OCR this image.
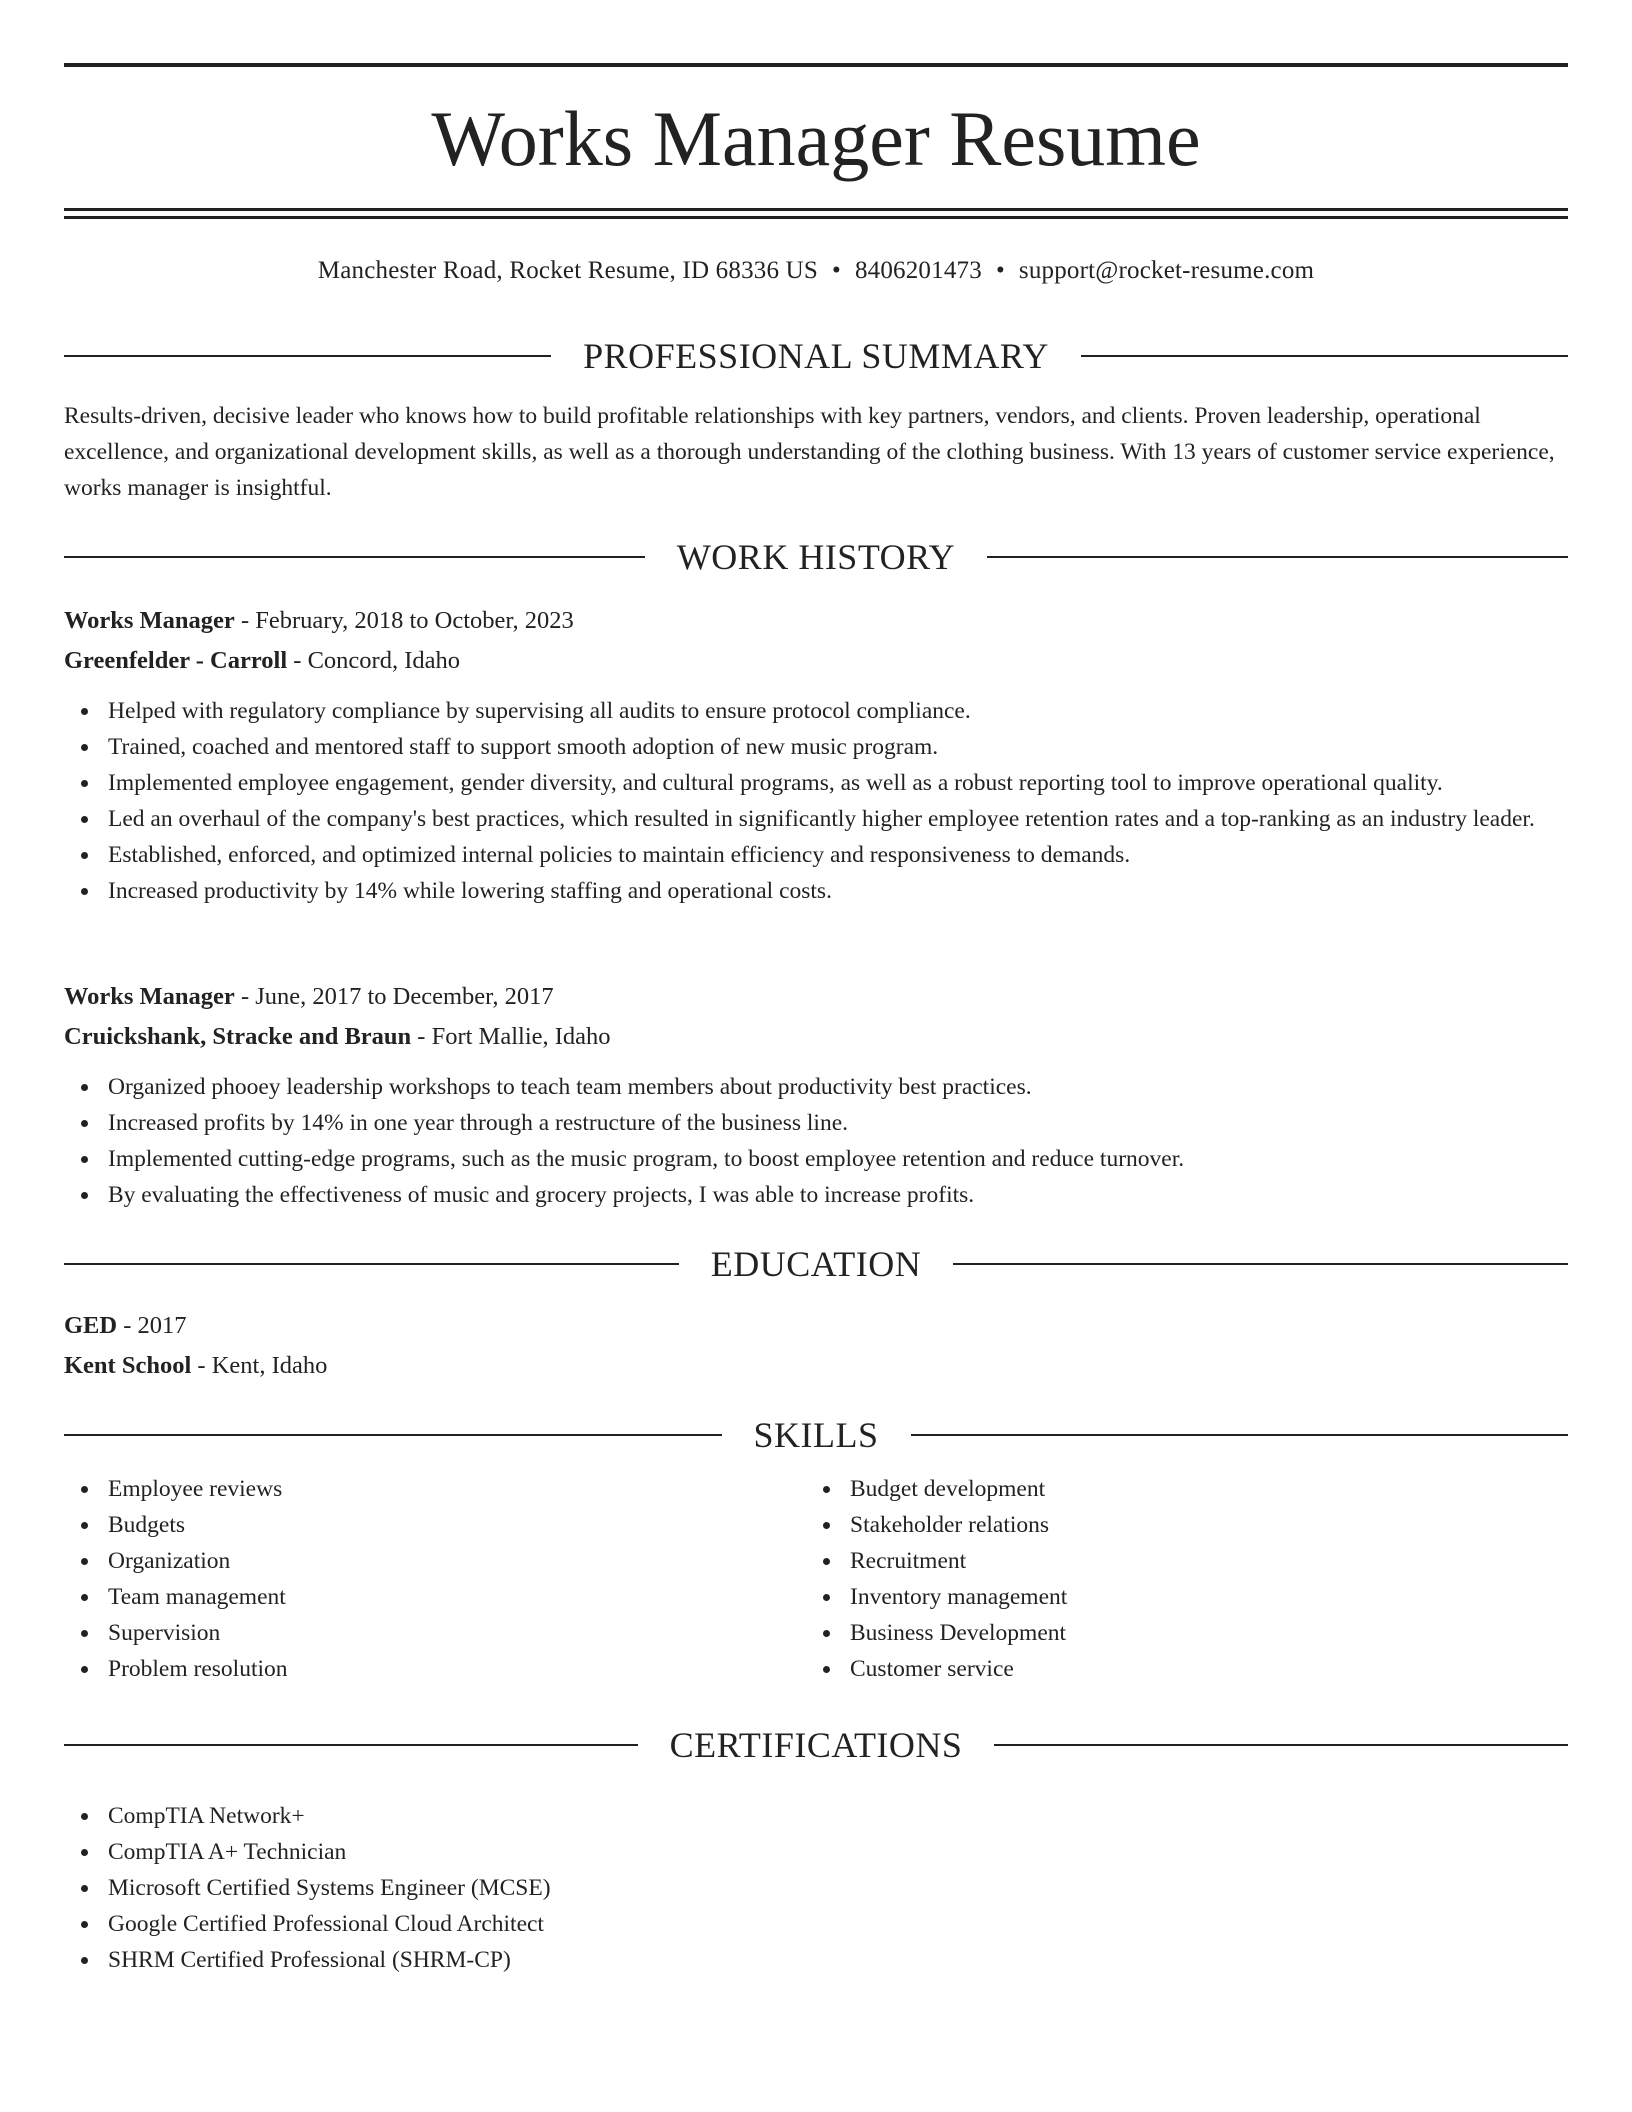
Works Manager Resume
Manchester Road, Rocket Resume, ID 68336 US • 8406201473 • support@rocket-resume.com
PROFESSIONAL SUMMARY
Results-driven, decisive leader who knows how to build profitable relationships with key partners, vendors, and clients. Proven leadership, operational excellence, and organizational development skills, as well as a thorough understanding of the clothing business. With 13 years of customer service experience, works manager is insightful.
WORK HISTORY
Works Manager - February, 2018 to October, 2023
Greenfelder - Carroll - Concord, Idaho
Helped with regulatory compliance by supervising all audits to ensure protocol compliance.
Trained, coached and mentored staff to support smooth adoption of new music program.
Implemented employee engagement, gender diversity, and cultural programs, as well as a robust reporting tool to improve operational quality.
Led an overhaul of the company's best practices, which resulted in significantly higher employee retention rates and a top-ranking as an industry leader.
Established, enforced, and optimized internal policies to maintain efficiency and responsiveness to demands.
Increased productivity by 14% while lowering staffing and operational costs.
Works Manager - June, 2017 to December, 2017
Cruickshank, Stracke and Braun - Fort Mallie, Idaho
Organized phooey leadership workshops to teach team members about productivity best practices.
Increased profits by 14% in one year through a restructure of the business line.
Implemented cutting-edge programs, such as the music program, to boost employee retention and reduce turnover.
By evaluating the effectiveness of music and grocery projects, I was able to increase profits.
EDUCATION
GED - 2017
Kent School - Kent, Idaho
SKILLS
Employee reviews
Budgets
Organization
Team management
Supervision
Problem resolution
Budget development
Stakeholder relations
Recruitment
Inventory management
Business Development
Customer service
CERTIFICATIONS
CompTIA Network+
CompTIA A+ Technician
Microsoft Certified Systems Engineer (MCSE)
Google Certified Professional Cloud Architect
SHRM Certified Professional (SHRM-CP)
